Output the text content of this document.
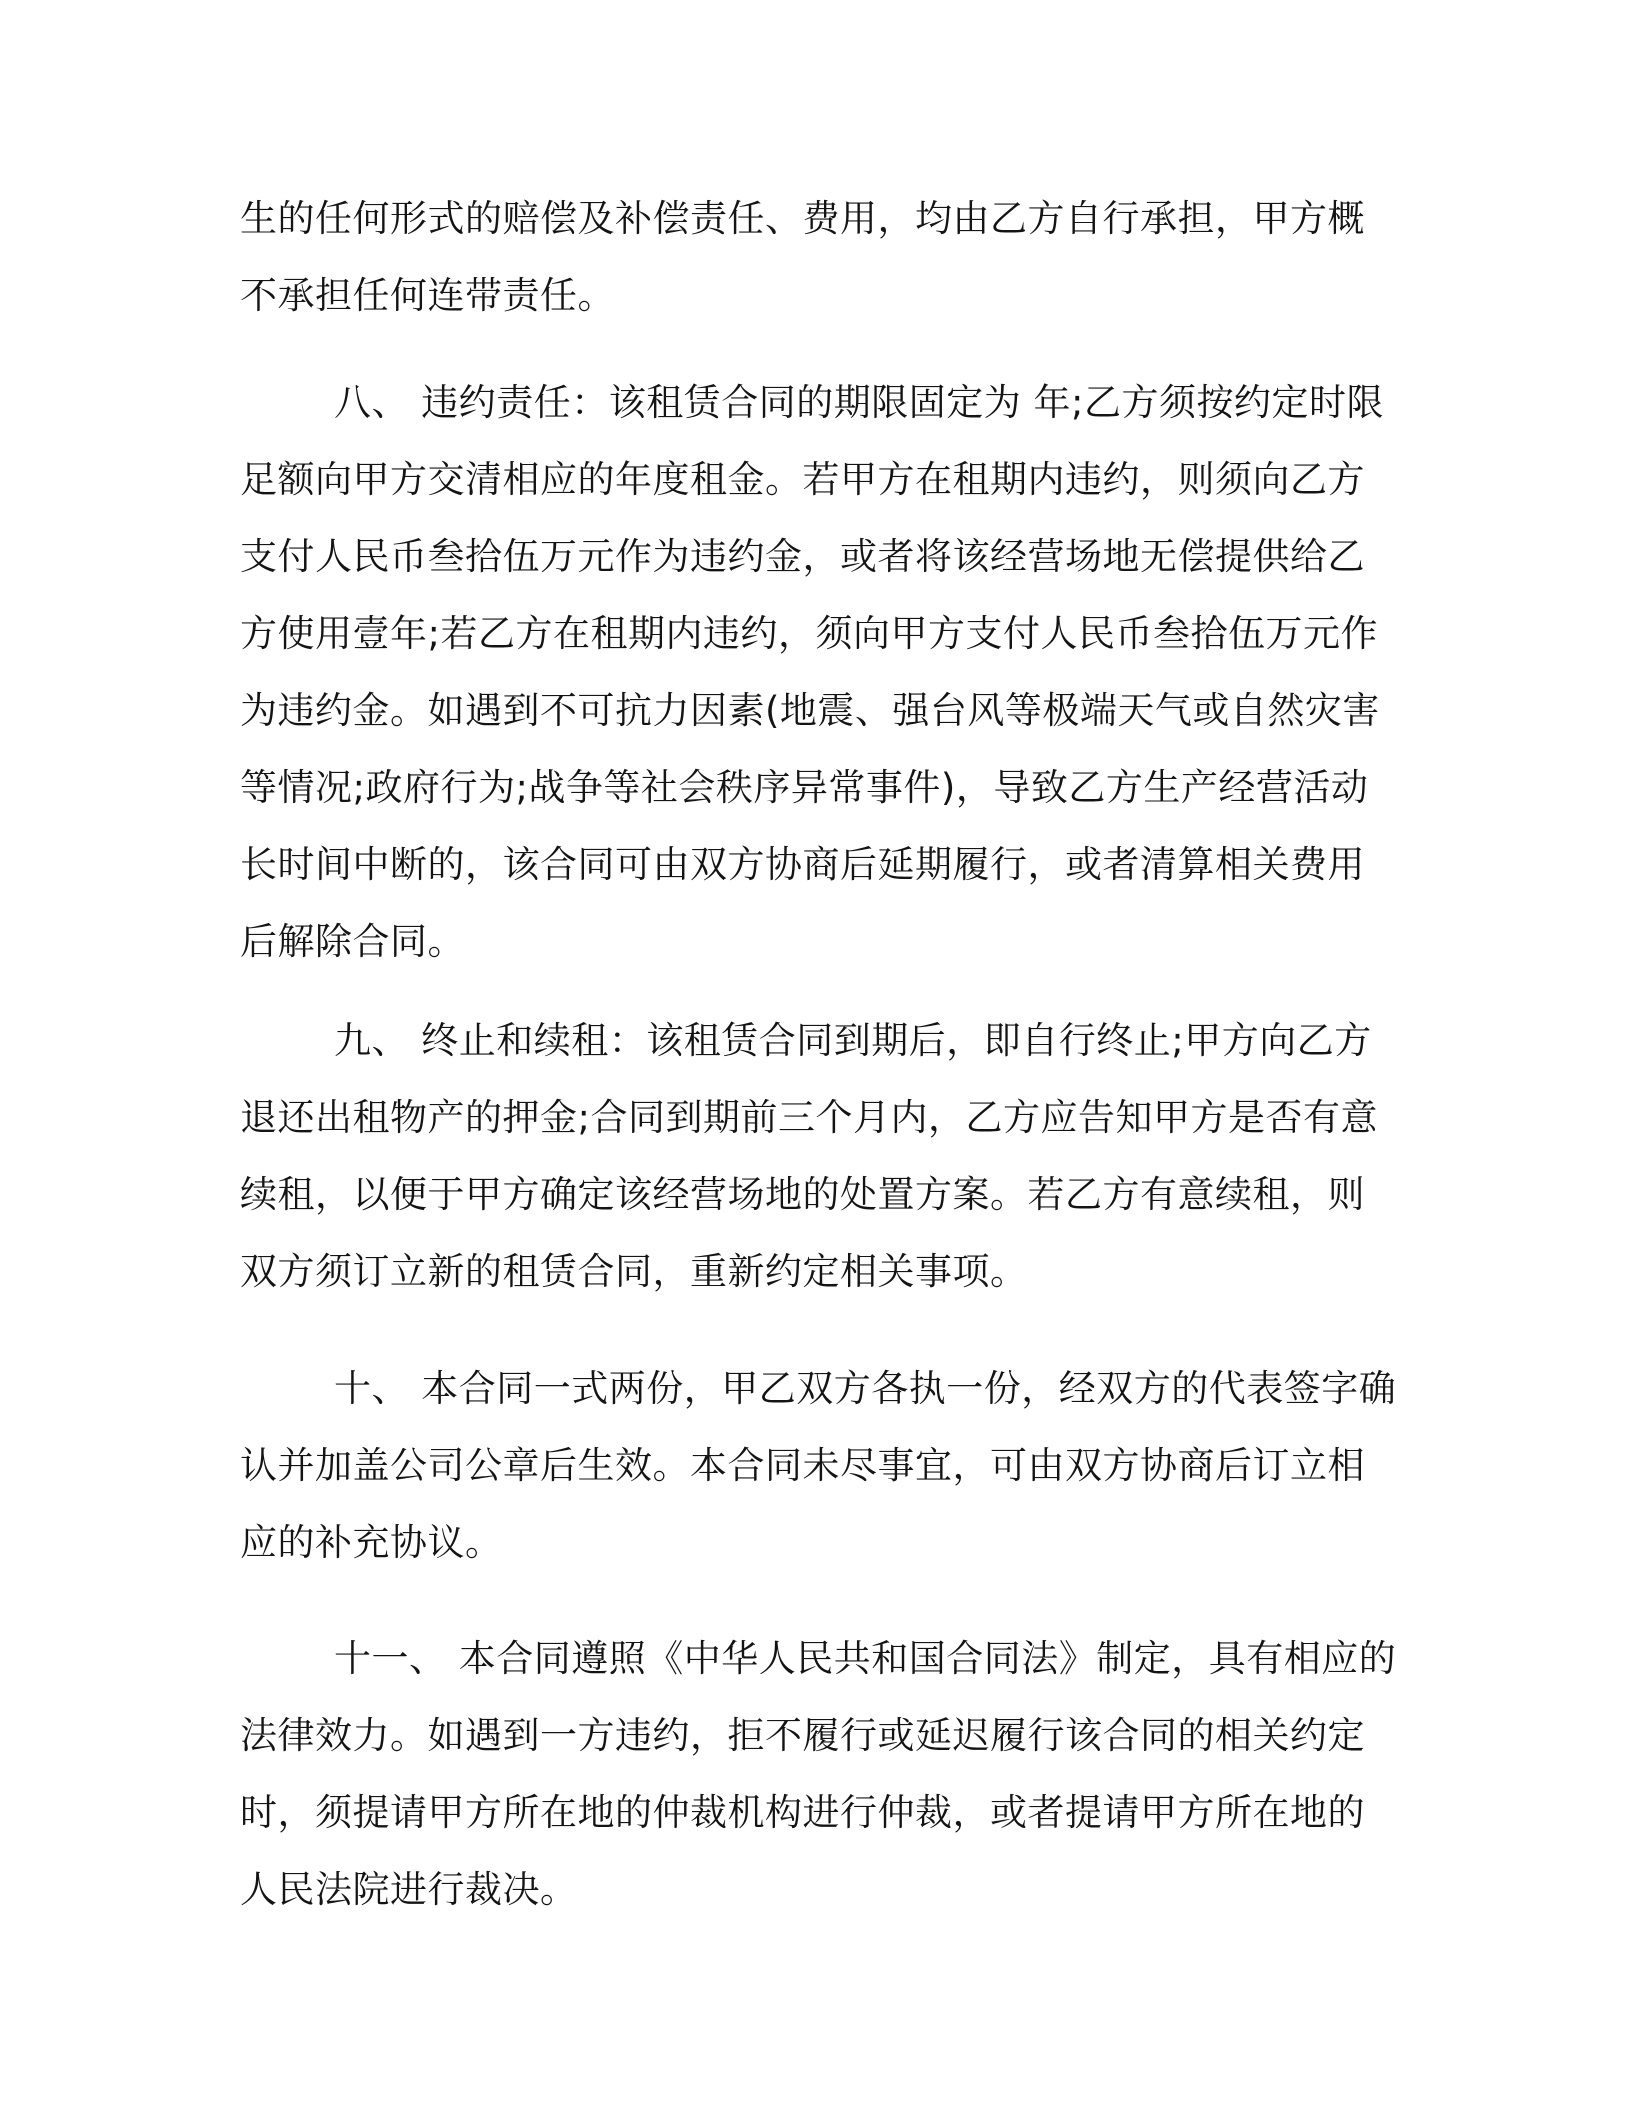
生的任何形式的赔偿及补偿责任、费用，均由乙方自行承担，甲方概
不承担任何连带责任。
八、 违约责任：该租赁合同的期限固定为 年;乙方须按约定时限
足额向甲方交清相应的年度租金。若甲方在租期内违约，则须向乙方
支付人民币叁拾伍万元作为违约金，或者将该经营场地无偿提供给乙
方使用壹年;若乙方在租期内违约，须向甲方支付人民币叁拾伍万元作
为违约金。如遇到不可抗力因素(地震、强台风等极端天气或自然灾害
等情况;政府行为;战争等社会秩序异常事件)，导致乙方生产经营活动
长时间中断的，该合同可由双方协商后延期履行，或者清算相关费用
后解除合同。
九、 终止和续租：该租赁合同到期后，即自行终止;甲方向乙方
退还出租物产的押金;合同到期前三个月内，乙方应告知甲方是否有意
续租，以便于甲方确定该经营场地的处置方案。若乙方有意续租，则
双方须订立新的租赁合同，重新约定相关事项。
十、 本合同一式两份，甲乙双方各执一份，经双方的代表签字确
认并加盖公司公章后生效。本合同未尽事宜，可由双方协商后订立相
应的补充协议。
十一、 本合同遵照《中华人民共和国合同法》制定，具有相应的
法律效力。如遇到一方违约，拒不履行或延迟履行该合同的相关约定
时，须提请甲方所在地的仲裁机构进行仲裁，或者提请甲方所在地的
人民法院进行裁决。
